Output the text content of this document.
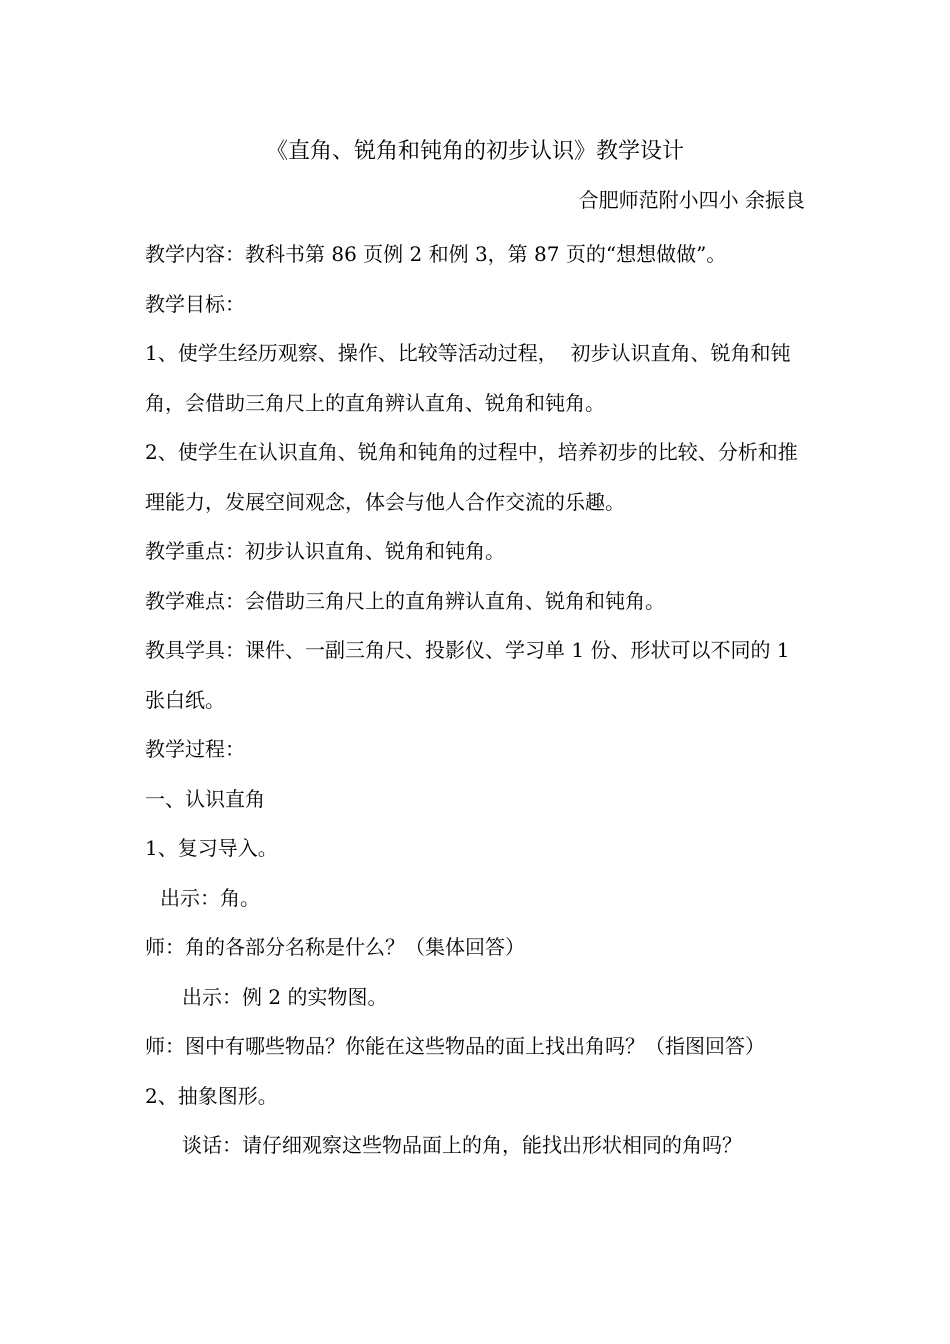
《直角、锐角和钝角的初步认识》教学设计
合肥师范附小四小 余振良

教学内容：教科书第 86 页例 2 和例 3，第 87 页的“想想做做”。

教学目标：

1、使学生经历观察、操作、比较等活动过程，  初步认识直角、锐角和钝角，会借助三角尺上的直角辨认直角、锐角和钝角。

2、使学生在认识直角、锐角和钝角的过程中，培养初步的比较、分析和推理能力，发展空间观念，体会与他人合作交流的乐趣。

教学重点：初步认识直角、锐角和钝角。

教学难点：会借助三角尺上的直角辨认直角、锐角和钝角。

教具学具：课件、一副三角尺、投影仪、学习单 1 份、形状可以不同的 1 张白纸。

教学过程：

一、认识直角

1、复习导入。

出示：角。

师：角的各部分名称是什么？（集体回答）

出示：例 2 的实物图。

师：图中有哪些物品？你能在这些物品的面上找出角吗？（指图回答）

2、抽象图形。

谈话：请仔细观察这些物品面上的角，能找出形状相同的角吗？
